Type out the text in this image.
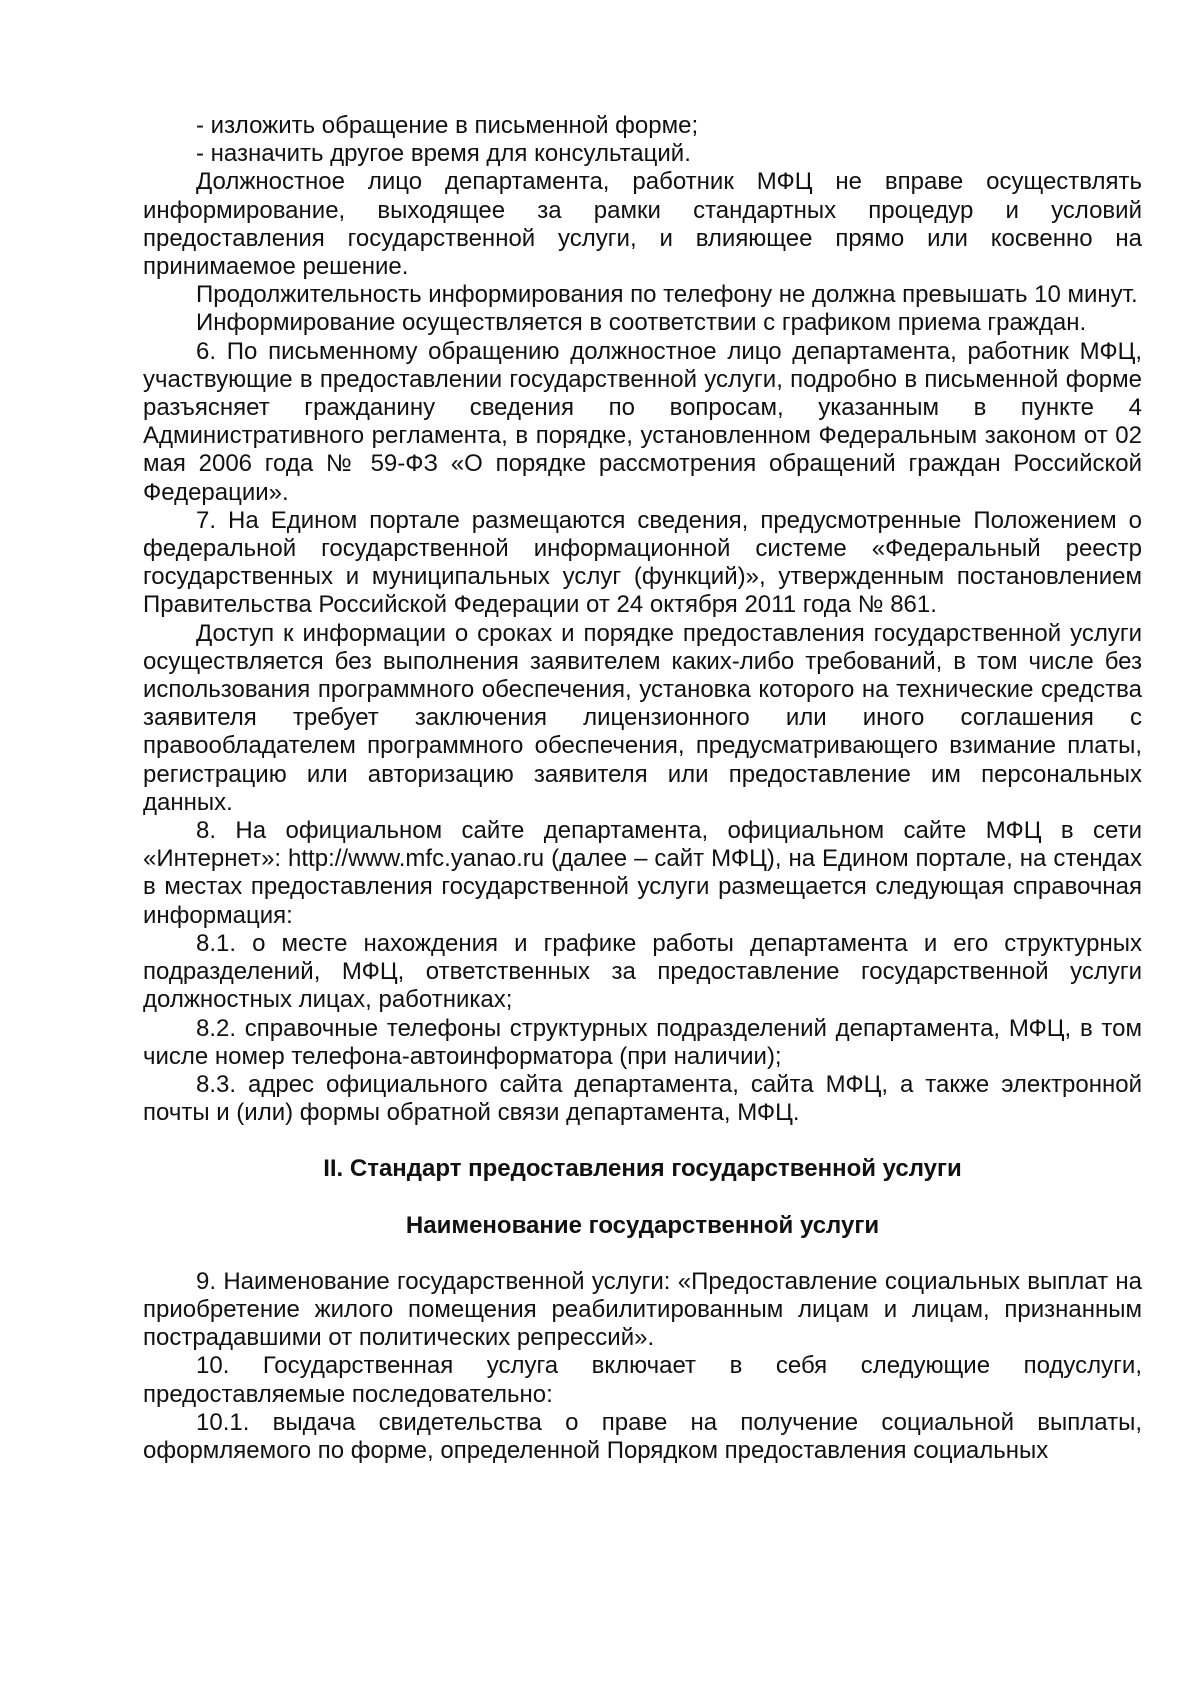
- изложить обращение в письменной форме;

- назначить другое время для консультаций.

Должностное лицо департамента, работник МФЦ не вправе осуществлять информирование, выходящее за рамки стандартных процедур и условий предоставления государственной услуги, и влияющее прямо или косвенно на принимаемое решение.

Продолжительность информирования по телефону не должна превышать 10 минут.

Информирование осуществляется в соответствии с графиком приема граждан.

6. По письменному обращению должностное лицо департамента, работник МФЦ, участвующие в предоставлении государственной услуги, подробно в письменной форме разъясняет гражданину сведения по вопросам, указанным в пункте 4 Административного регламента, в порядке, установленном Федеральным законом от 02 мая 2006 года № 59-ФЗ «О порядке рассмотрения обращений граждан Российской Федерации».

7. На Едином портале размещаются сведения, предусмотренные Положением о федеральной государственной информационной системе «Федеральный реестр государственных и муниципальных услуг (функций)», утвержденным постановлением Правительства Российской Федерации от 24 октября 2011 года № 861.

Доступ к информации о сроках и порядке предоставления государственной услуги осуществляется без выполнения заявителем каких-либо требований, в том числе без использования программного обеспечения, установка которого на технические средства заявителя требует заключения лицензионного или иного соглашения с правообладателем программного обеспечения, предусматривающего взимание платы, регистрацию или авторизацию заявителя или предоставление им персональных данных.

8. На официальном сайте департамента, официальном сайте МФЦ в сети «Интернет»: http://www.mfc.yanao.ru (далее – сайт МФЦ), на Едином портале, на стендах в местах предоставления государственной услуги размещается следующая справочная информация:

8.1. о месте нахождения и графике работы департамента и его структурных подразделений, МФЦ, ответственных за предоставление государственной услуги должностных лицах, работниках;

8.2. справочные телефоны структурных подразделений департамента, МФЦ, в том числе номер телефона-автоинформатора (при наличии);

8.3. адрес официального сайта департамента, сайта МФЦ, а также электронной почты и (или) формы обратной связи департамента, МФЦ.

II. Стандарт предоставления государственной услуги

Наименование государственной услуги

9. Наименование государственной услуги: «Предоставление социальных выплат на приобретение жилого помещения реабилитированным лицам и лицам, признанным пострадавшими от политических репрессий».

10. Государственная услуга включает в себя следующие подуслуги, предоставляемые последовательно:

10.1. выдача свидетельства о праве на получение социальной выплаты, оформляемого по форме, определенной Порядком предоставления социальных
